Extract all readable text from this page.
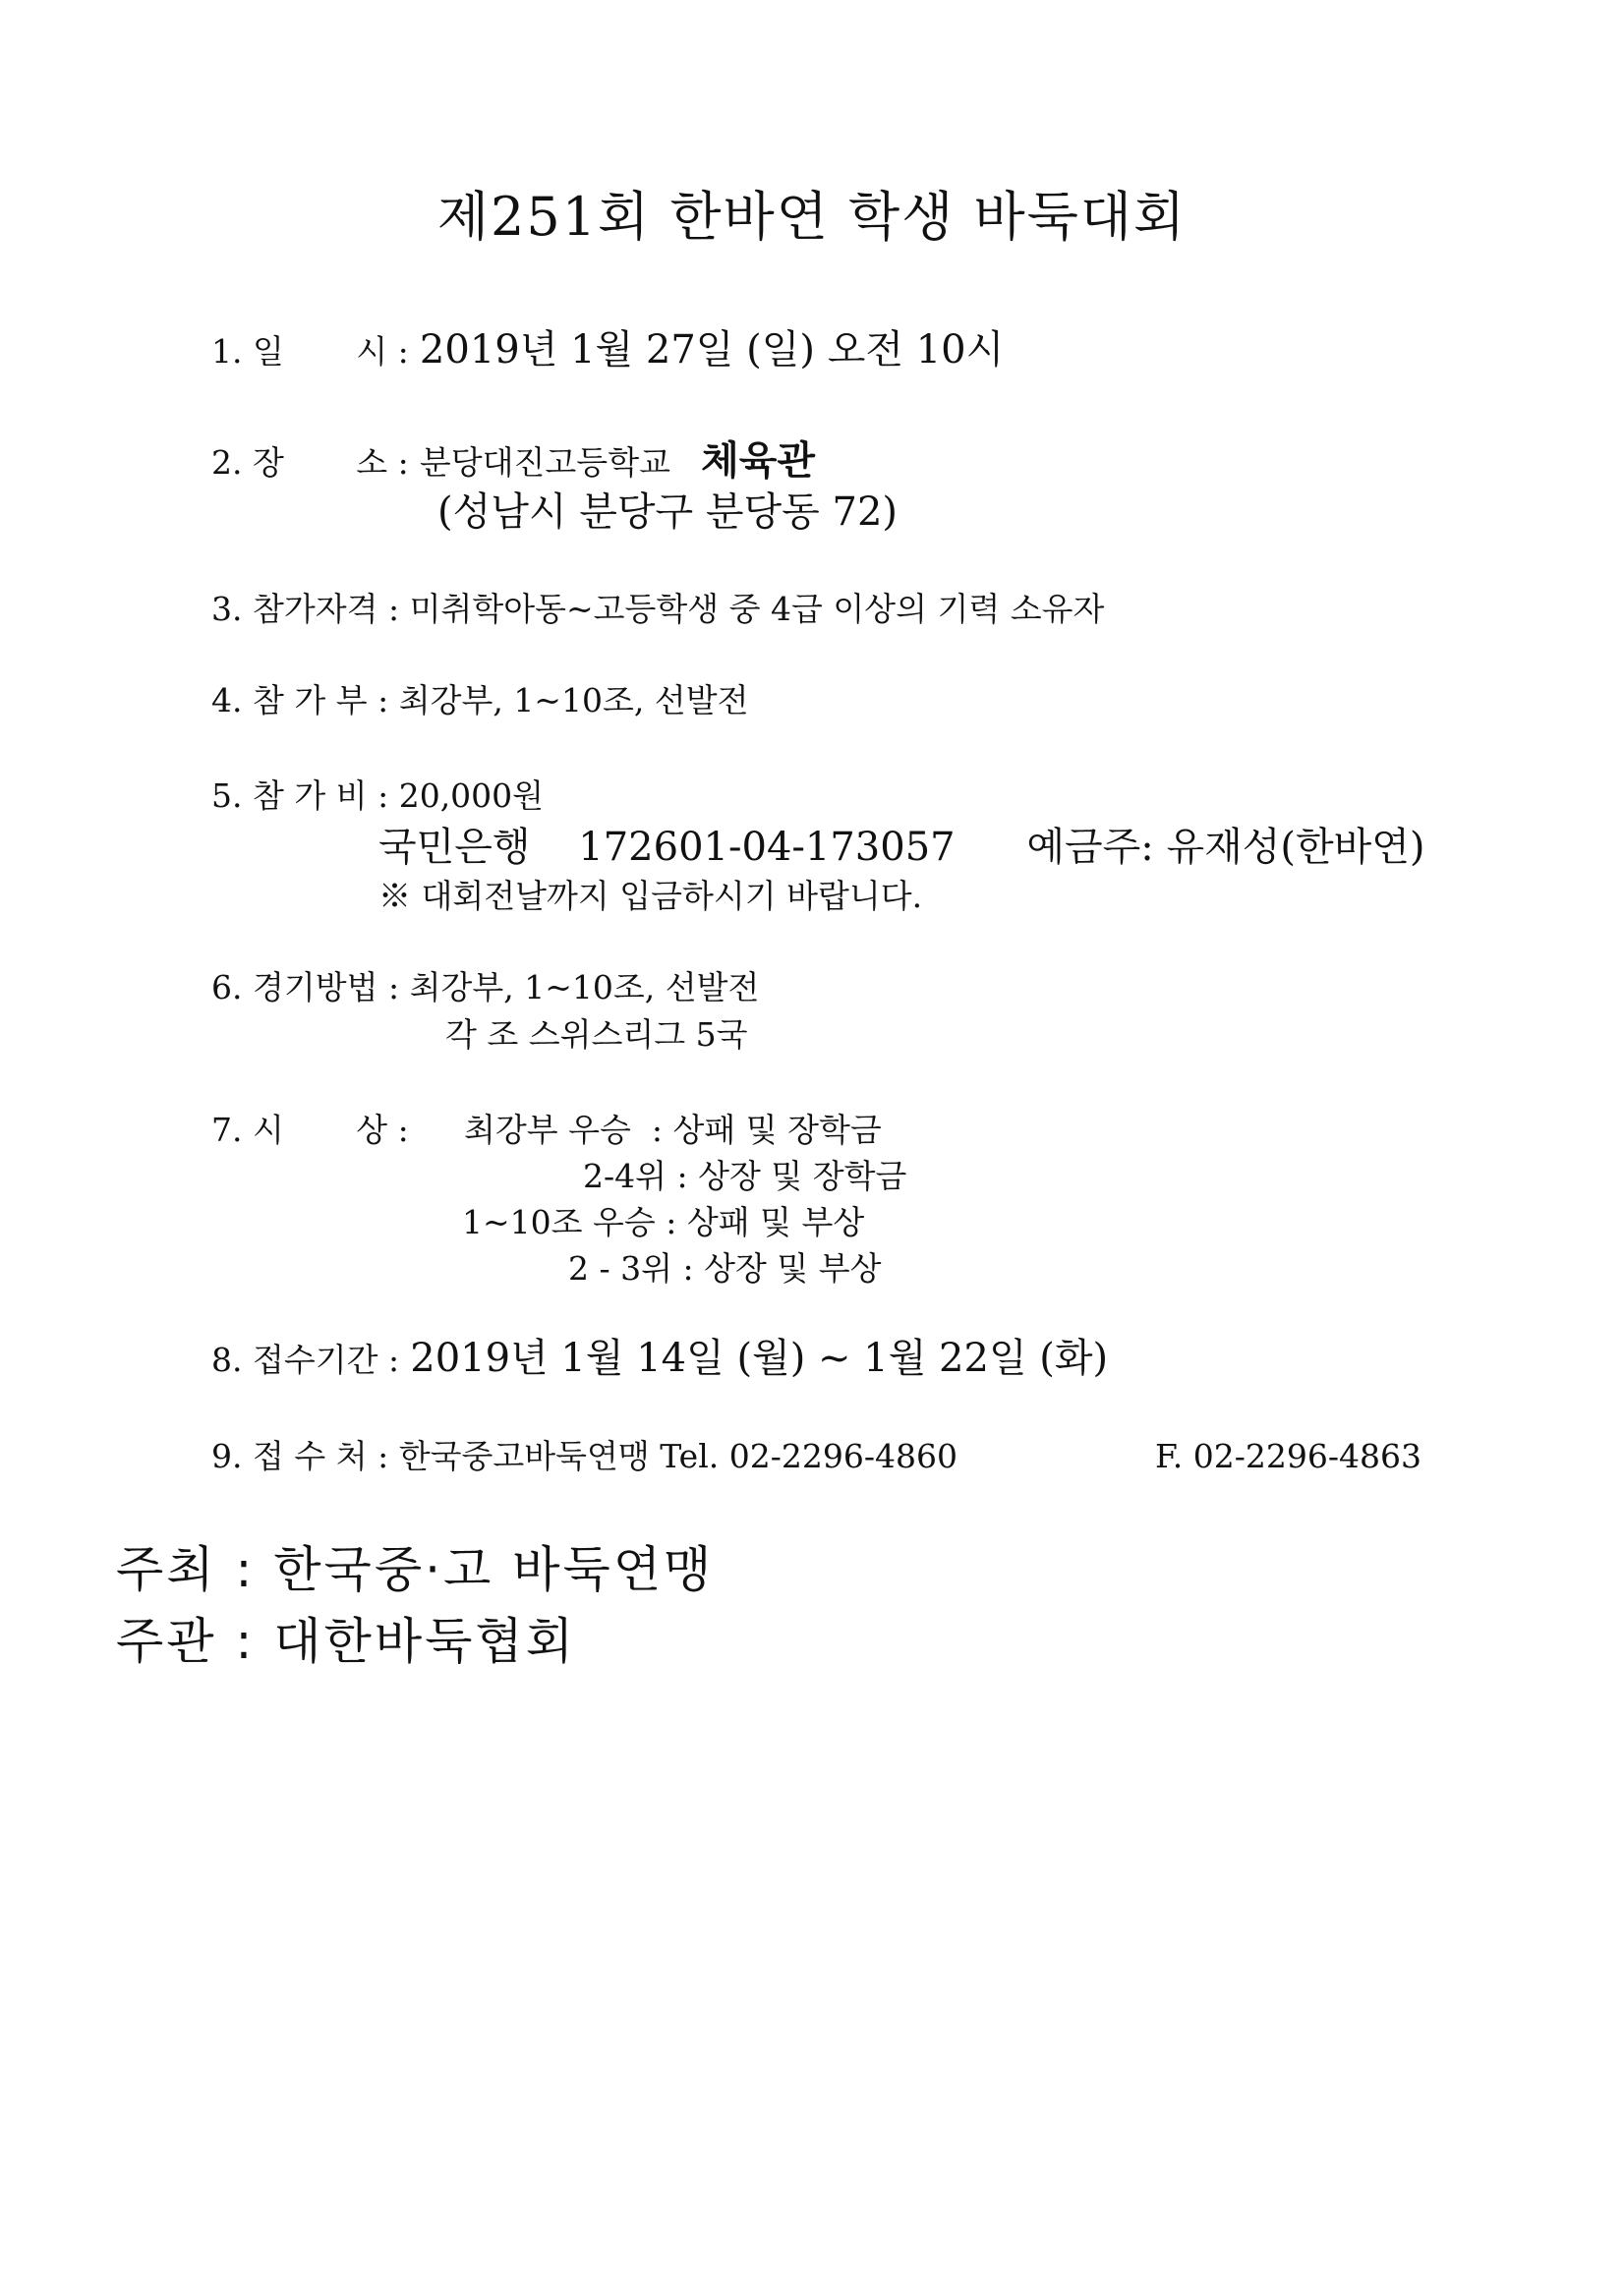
제251회 한바연 학생 바둑대회
1. 일       시 : 2019년 1월 27일 (일) 오전 10시
2. 장       소 : 분당대진고등학교 체육관
(성남시 분당구 분당동 72)
3. 참가자격 : 미취학아동~고등학생 중 4급 이상의 기력 소유자
4. 참 가 부 : 최강부, 1~10조, 선발전
5. 참 가 비 : 20,000원
국민은행 172601-04-173057 예금주: 유재성(한바연)
※ 대회전날까지 입금하시기 바랍니다.
6. 경기방법 : 최강부, 1~10조, 선발전
각 조 스위스리그 5국
7. 시       상 : 최강부 우승  : 상패 및 장학금
2-4위 : 상장 및 장학금
1~10조 우승 : 상패 및 부상
2 - 3위 : 상장 및 부상
8. 접수기간 : 2019년 1월 14일 (월) ~ 1월 22일 (화)
9. 접 수 처 : 한국중고바둑연맹 Tel. 02-2296-4860	F. 02-2296-4863
주최 : 한국중·고 바둑연맹
주관 : 대한바둑협회
